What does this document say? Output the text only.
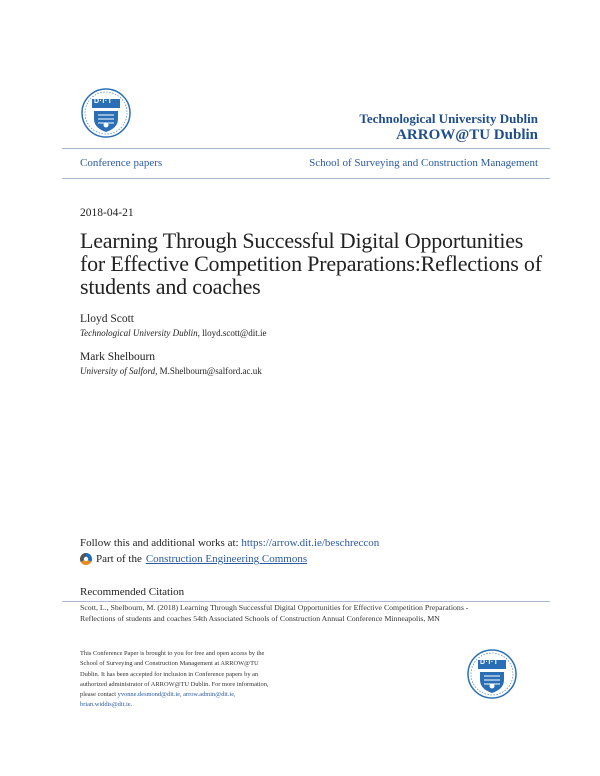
D·I·T
Technological University Dublin
ARROW@TU Dublin
Conference papers	School of Surveying and Construction Management
2018-04-21
Learning Through Successful Digital Opportunities for Effective Competition Preparations:Reflections of students and coaches
Lloyd Scott
Technological University Dublin, lloyd.scott@dit.ie
Mark Shelbourn
University of Salford, M.Shelbourn@salford.ac.uk
Follow this and additional works at: https://arrow.dit.ie/beschreccon
Part of the Construction Engineering Commons
Recommended Citation
Scott, L., Shelbourn, M. (2018) Learning Through Successful Digital Opportunities for Effective Competition Preparations -
Reflections of students and coaches 54th Associated Schools of Construction Annual Conference Minneapolis, MN
This Conference Paper is brought to you for free and open access by the
School of Surveying and Construction Management at ARROW@TU
Dublin. It has been accepted for inclusion in Conference papers by an
authorized administrator of ARROW@TU Dublin. For more information,
please contact yvonne.desmond@dit.ie, arrow.admin@dit.ie,
brian.widdis@dit.ie.
D·I·T
